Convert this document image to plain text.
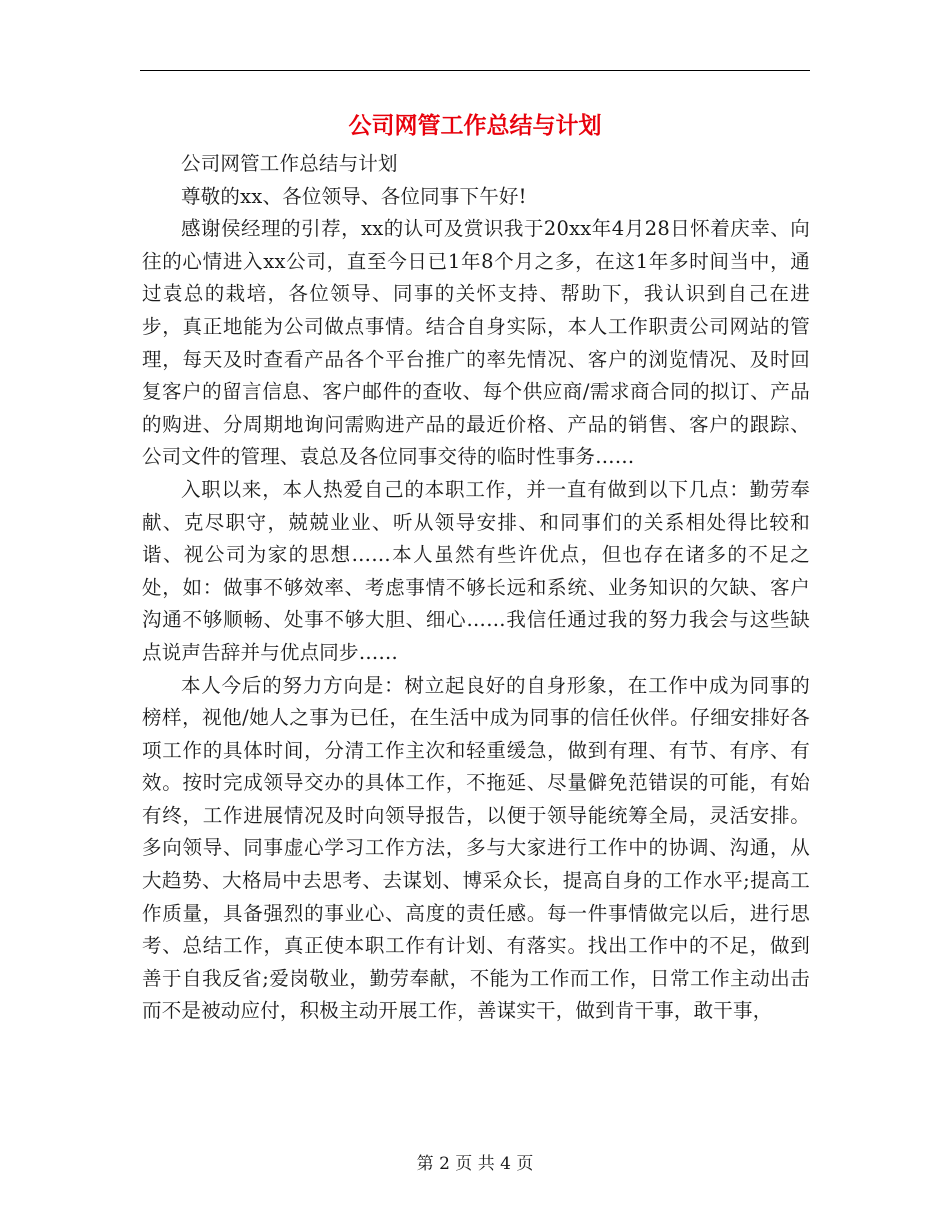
公司网管工作总结与计划

公司网管工作总结与计划

尊敬的xx、各位领导、各位同事下午好!

感谢侯经理的引荐，xx的认可及赏识我于20xx年4月28日怀着庆幸、向往的心情进入xx公司，直至今日已1年8个月之多，在这1年多时间当中，通过袁总的栽培，各位领导、同事的关怀支持、帮助下，我认识到自己在进步，真正地能为公司做点事情。结合自身实际，本人工作职责公司网站的管理，每天及时查看产品各个平台推广的率先情况、客户的浏览情况、及时回复客户的留言信息、客户邮件的查收、每个供应商/需求商合同的拟订、产品的购进、分周期地询问需购进产品的最近价格、产品的销售、客户的跟踪、公司文件的管理、袁总及各位同事交待的临时性事务……

入职以来，本人热爱自己的本职工作，并一直有做到以下几点：勤劳奉献、克尽职守，兢兢业业、听从领导安排、和同事们的关系相处得比较和谐、视公司为家的思想……本人虽然有些许优点，但也存在诸多的不足之处，如：做事不够效率、考虑事情不够长远和系统、业务知识的欠缺、客户沟通不够顺畅、处事不够大胆、细心……我信任通过我的努力我会与这些缺点说声告辞并与优点同步……

本人今后的努力方向是：树立起良好的自身形象，在工作中成为同事的榜样，视他/她人之事为已任，在生活中成为同事的信任伙伴。仔细安排好各项工作的具体时间，分清工作主次和轻重缓急，做到有理、有节、有序、有效。按时完成领导交办的具体工作，不拖延、尽量僻免范错误的可能，有始有终，工作进展情况及时向领导报告，以便于领导能统筹全局，灵活安排。多向领导、同事虚心学习工作方法，多与大家进行工作中的协调、沟通，从大趋势、大格局中去思考、去谋划、博采众长，提高自身的工作水平;提高工作质量，具备强烈的事业心、高度的责任感。每一件事情做完以后，进行思考、总结工作，真正使本职工作有计划、有落实。找出工作中的不足，做到善于自我反省;爱岗敬业，勤劳奉献，不能为工作而工作，日常工作主动出击而不是被动应付，积极主动开展工作，善谋实干，做到肯干事，敢干事，

第 2 页 共 4 页
